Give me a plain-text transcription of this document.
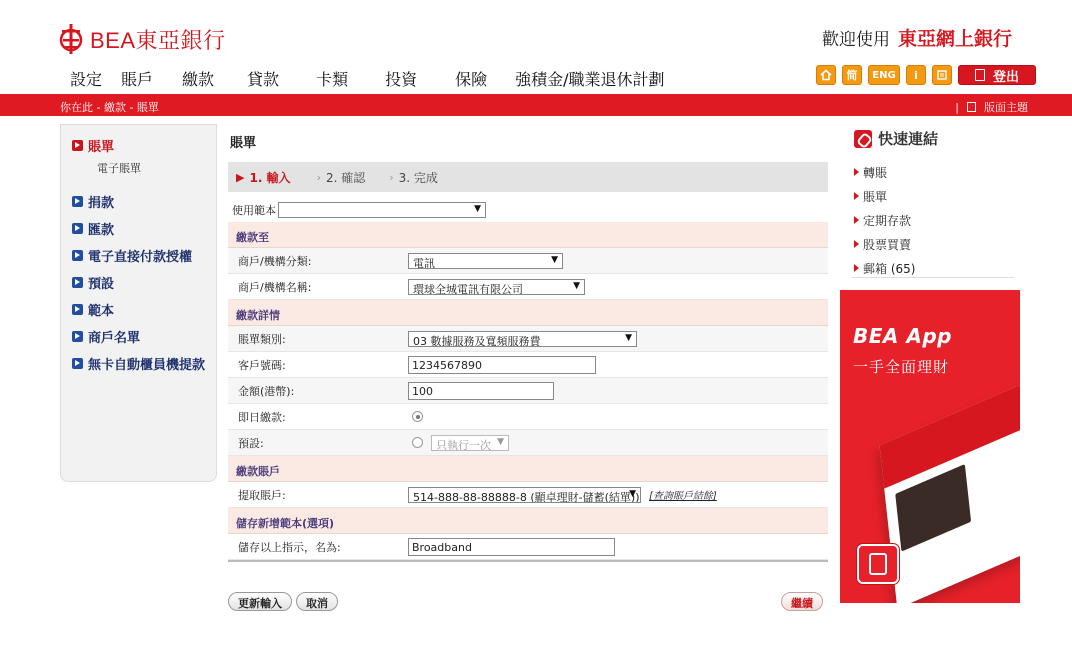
BEA東亞銀行	歡迎使用 東亞網上銀行
設定 賬戶 繳款 貸款 卡類 投資 保險 強積金/職業退休計劃	简	ENG	i	登出
你在此 - 繳款 - 賬單	| 版面主題
賬單
電子賬單
捐款
匯款
電子直接付款授權
預設
範本
商戶名單
無卡自動櫃員機提款
賬單
▶ 1. 輸入 › 2. 確認 › 3. 完成
使用範本
▼
繳款至
商戶/機構分類:	電訊 ▼
商戶/機構名稱:	環球全城電訊有限公司 ▼
繳款詳情
賬單類別:	03 數據服務及寬頻服務費 ▼
客戶號碼:	1234567890
金額(港幣):	100
即日繳款:
預設:	只執行一次 ▼
繳款賬戶
提取賬戶:	514-888-88-88888-8 (顯卓理財-儲蓄(結單)) ▼ [查詢賬戶結餘]
儲存新增範本(選項)
儲存以上指示，名為:	Broadband
更新輸入	取消	繼續
快速連結
轉賬
賬單
定期存款
股票買賣
郵箱 (65)
BEA App
一手全面理財
